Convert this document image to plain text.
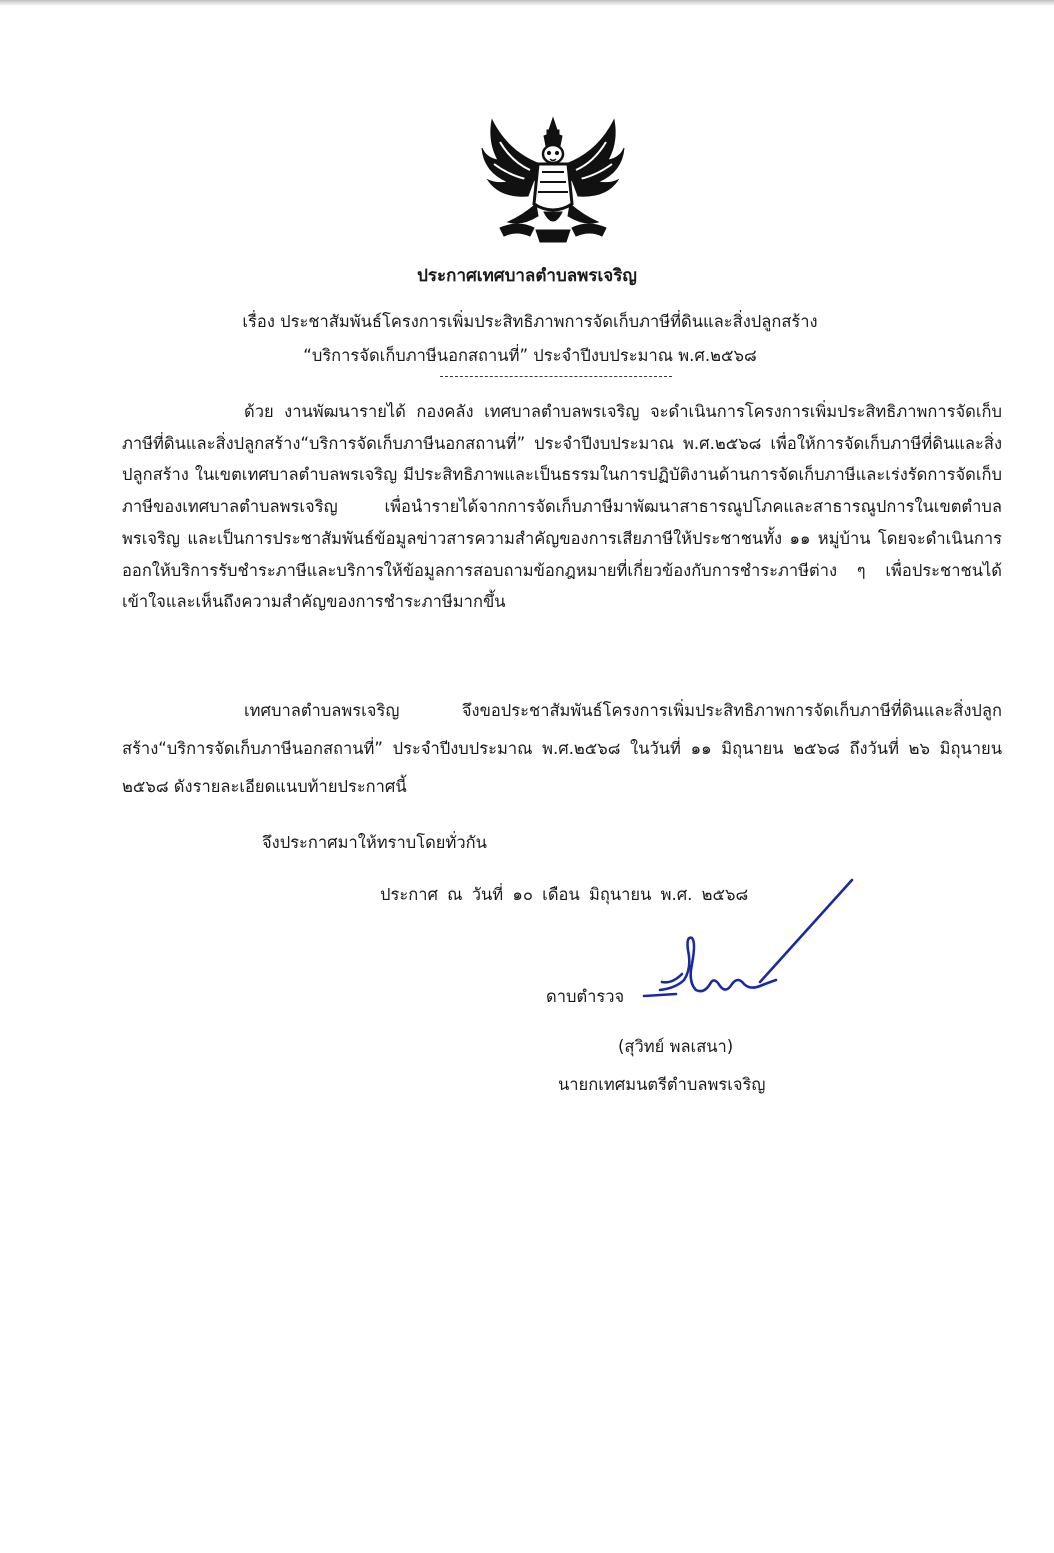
ประกาศเทศบาลตำบลพรเจริญ
เรื่อง ประชาสัมพันธ์โครงการเพิ่มประสิทธิภาพการจัดเก็บภาษีที่ดินและสิ่งปลูกสร้าง
“บริการจัดเก็บภาษีนอกสถานที่” ประจำปีงบประมาณ พ.ศ.๒๕๖๘
ด้วย งานพัฒนารายได้ กองคลัง เทศบาลตำบลพรเจริญ จะดำเนินการโครงการเพิ่มประสิทธิภาพการจัดเก็บภาษีที่ดินและสิ่งปลูกสร้าง“บริการจัดเก็บภาษีนอกสถานที่” ประจำปีงบประมาณ พ.ศ.๒๕๖๘ เพื่อให้การจัดเก็บภาษีที่ดินและสิ่งปลูกสร้าง ในเขตเทศบาลตำบลพรเจริญ มีประสิทธิภาพและเป็นธรรมในการปฏิบัติงานด้านการจัดเก็บภาษีและเร่งรัดการจัดเก็บภาษีของเทศบาลตำบลพรเจริญ เพื่อนำรายได้จากการจัดเก็บภาษีมาพัฒนาสาธารณูปโภคและสาธารณูปการในเขตตำบลพรเจริญ และเป็นการประชาสัมพันธ์ข้อมูลข่าวสารความสำคัญของการเสียภาษีให้ประชาชนทั้ง ๑๑ หมู่บ้าน โดยจะดำเนินการออกให้บริการรับชำระภาษีและบริการให้ข้อมูลการสอบถามข้อกฎหมายที่เกี่ยวข้องกับการชำระภาษีต่าง ๆ เพื่อประชาชนได้เข้าใจและเห็นถึงความสำคัญของการชำระภาษีมากขึ้น
เทศบาลตำบลพรเจริญ จึงขอประชาสัมพันธ์โครงการเพิ่มประสิทธิภาพการจัดเก็บภาษีที่ดินและสิ่งปลูกสร้าง“บริการจัดเก็บภาษีนอกสถานที่” ประจำปีงบประมาณ พ.ศ.๒๕๖๘ ในวันที่ ๑๑ มิถุนายน ๒๕๖๘ ถึงวันที่ ๒๖ มิถุนายน ๒๕๖๘ ดังรายละเอียดแนบท้ายประกาศนี้
จึงประกาศมาให้ทราบโดยทั่วกัน
ประกาศ ณ วันที่ ๑๐ เดือน มิถุนายน พ.ศ. ๒๕๖๘
ดาบตำรวจ
(สุวิทย์ พลเสนา)
นายกเทศมนตรีตำบลพรเจริญ
